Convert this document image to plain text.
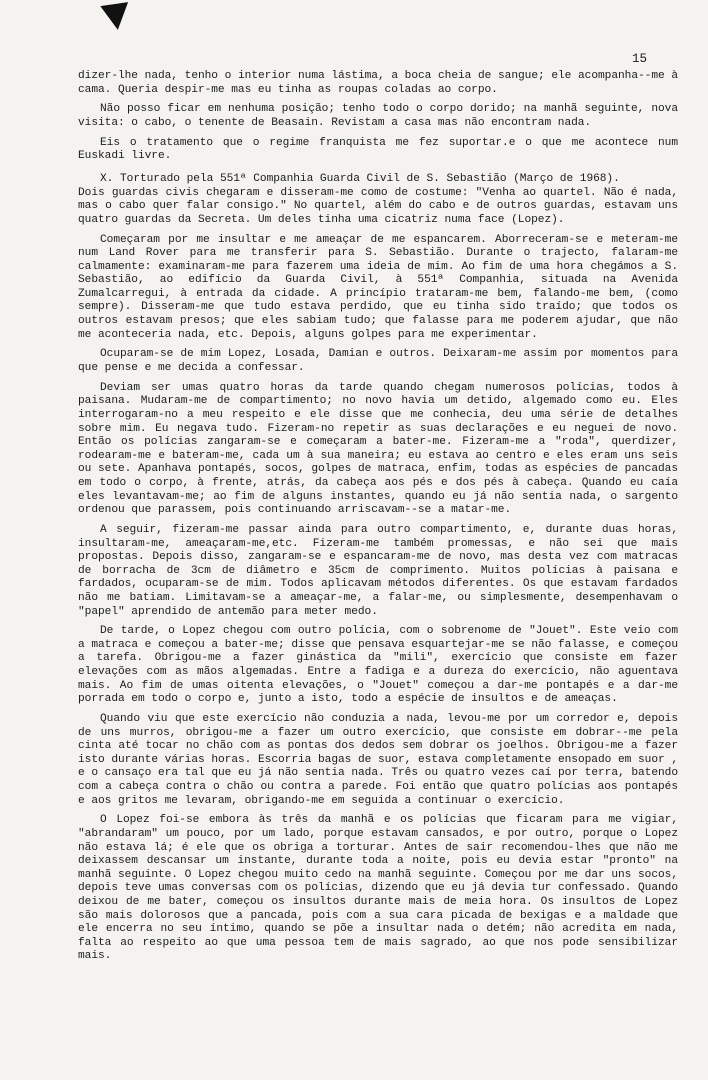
15

dizer-lhe nada, tenho o interior numa lástima, a boca cheia de sangue; ele acompanha--me à cama. Queria despir-me mas eu tinha as roupas coladas ao corpo.

Não posso ficar em nenhuma posição; tenho todo o corpo dorido; na manhã seguinte, nova visita: o cabo, o tenente de Beasain. Revistam a casa mas não encontram nada.

Eis o tratamento que o regime franquista me fez suportar.e o que me acontece num Euskadi livre.

X. Torturado pela 551ª Companhia Guarda Civil de S. Sebastião (Março de 1968).

Dois guardas civis chegaram e disseram-me como de costume: "Venha ao quartel. Não é nada, mas o cabo quer falar consigo." No quartel, além do cabo e de outros guardas, estavam uns quatro guardas da Secreta. Um deles tinha uma cicatriz numa face (Lopez).

Começaram por me insultar e me ameaçar de me espancarem. Aborreceram-se e meteram-me num Land Rover para me transferir para S. Sebastião. Durante o trajecto, falaram-me calmamente: examinaram-me para fazerem uma ideia de mim. Ao fim de uma hora chegámos a S. Sebastião, ao edifício da Guarda Civil, à 551ª Companhia, situada na Avenida Zumalcarregui, à entrada da cidade. A princípio trataram-me bem, falando-me bem, (como sempre). Disseram-me que tudo estava perdido, que eu tinha sido traído; que todos os outros estavam presos; que eles sabiam tudo; que falasse para me poderem ajudar, que não me aconteceria nada, etc. Depois, alguns golpes para me experimentar.

Ocuparam-se de mim Lopez, Losada, Damian e outros. Deixaram-me assim por momentos para que pense e me decida a confessar.

Deviam ser umas quatro horas da tarde quando chegam numerosos polícias, todos à paisana. Mudaram-me de compartimento; no novo havia um detido, algemado como eu. Eles interrogaram-no a meu respeito e ele disse que me conhecia, deu uma série de detalhes sobre mim. Eu negava tudo. Fizeram-no repetir as suas declarações e eu neguei de novo. Então os polícias zangaram-se e começaram a bater-me. Fizeram-me a "roda", querdizer, rodearam-me e bateram-me, cada um à sua maneira; eu estava ao centro e eles eram uns seis ou sete. Apanhava pontapés, socos, golpes de matraca, enfim, todas as espécies de pancadas em todo o corpo, à frente, atrás, da cabeça aos pés e dos pés à cabeça. Quando eu caía eles levantavam-me; ao fim de alguns instantes, quando eu já não sentia nada, o sargento ordenou que parassem, pois continuando arriscavam--se a matar-me.

A seguir, fizeram-me passar ainda para outro compartimento, e, durante duas horas, insultaram-me, ameaçaram-me,etc. Fizeram-me também promessas, e não sei que mais propostas. Depois disso, zangaram-se e espancaram-me de novo, mas desta vez com matracas de borracha de 3cm de diâmetro e 35cm de comprimento. Muitos polícias à paisana e fardados, ocuparam-se de mim. Todos aplicavam métodos diferentes. Os que estavam fardados não me batiam. Limitavam-se a ameaçar-me, a falar-me, ou simplesmente, desempenhavam o "papel" aprendido de antemão para meter medo.

De tarde, o Lopez chegou com outro polícia, com o sobrenome de "Jouet". Este veio com a matraca e começou a bater-me; disse que pensava esquartejar-me se não falasse, e começou a tarefa. Obrigou-me a fazer ginástica da "mili", exercício que consiste em fazer elevações com as mãos algemadas. Entre a fadiga e a dureza do exercício, não aguentava mais. Ao fim de umas oitenta elevações, o "Jouet" começou a dar-me pontapés e a dar-me porrada em todo o corpo e, junto a isto, todo a espécie de insultos e de ameaças.

Quando viu que este exercício não conduzia a nada, levou-me por um corredor e, depois de uns murros, obrigou-me a fazer um outro exercício, que consiste em dobrar--me pela cinta até tocar no chão com as pontas dos dedos sem dobrar os joelhos. Obrigou-me a fazer isto durante várias horas. Escorria bagas de suor, estava completamente ensopado em suor , e o cansaço era tal que eu já não sentia nada. Três ou quatro vezes caí por terra, batendo com a cabeça contra o chão ou contra a parede. Foi então que quatro polícias aos pontapés e aos gritos me levaram, obrigando-me em seguida a continuar o exercício.

O Lopez foi-se embora às três da manhã e os polícias que ficaram para me vigiar, "abrandaram" um pouco, por um lado, porque estavam cansados, e por outro, porque o Lopez não estava lá; é ele que os obriga a torturar. Antes de sair recomendou-lhes que não me deixassem descansar um instante, durante toda a noite, pois eu devia estar "pronto" na manhã seguinte. O Lopez chegou muito cedo na manhã seguinte. Começou por me dar uns socos, depois teve umas conversas com os polícias, dizendo que eu já devia tur confessado. Quando deixou de me bater, começou os insultos durante mais de meia hora. Os insultos de Lopez são mais dolorosos que a pancada, pois com a sua cara picada de bexigas e a maldade que ele encerra no seu íntimo, quando se põe a insultar nada o detém; não acredita em nada, falta ao respeito ao que uma pessoa tem de mais sagrado, ao que nos pode sensibilizar mais.
